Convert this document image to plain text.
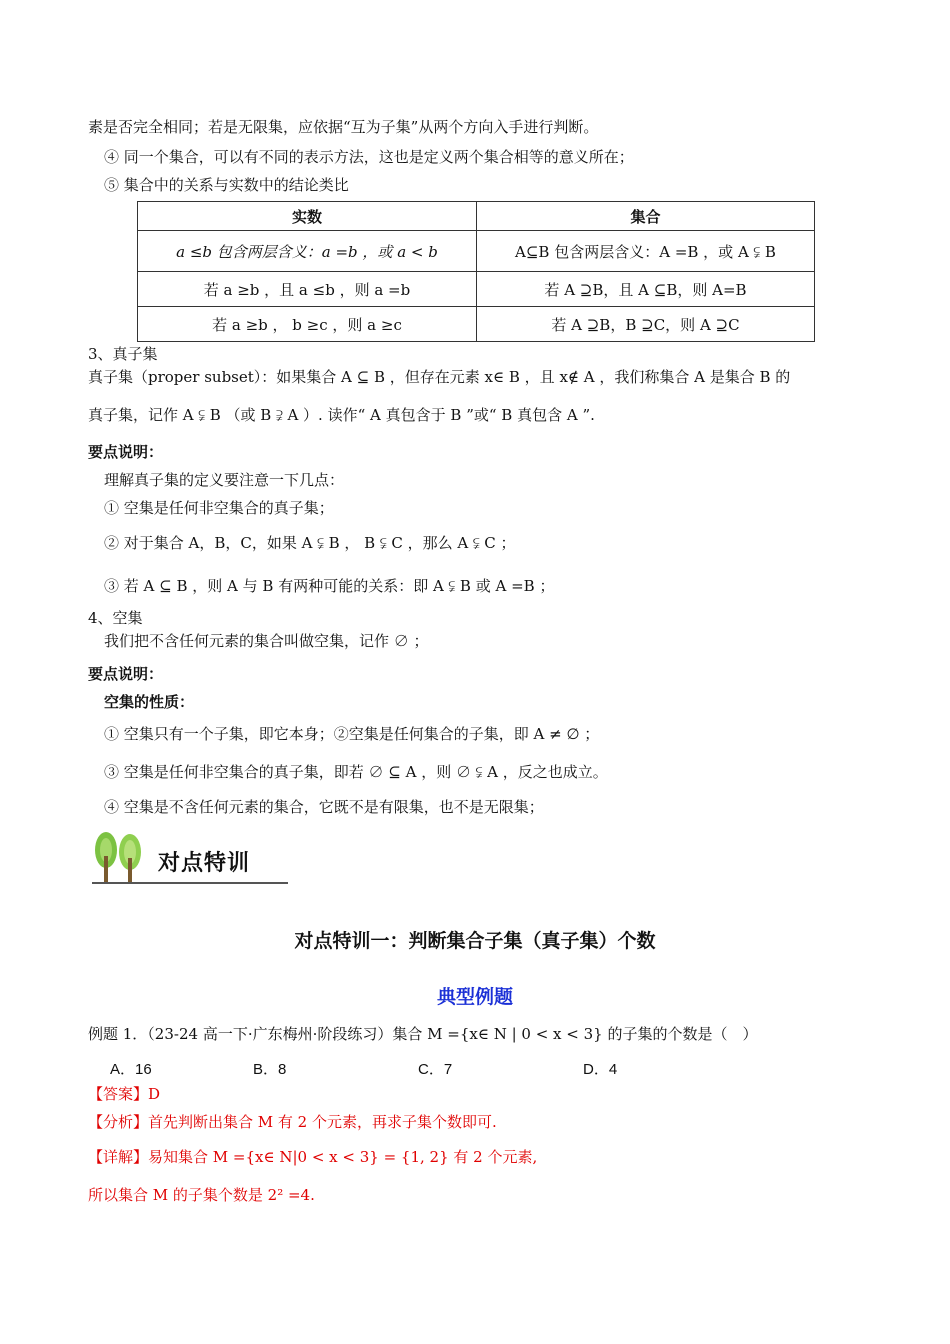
素是否完全相同；若是无限集，应依据“互为子集”从两个方向入手进行判断。
④ 同一个集合，可以有不同的表示方法，这也是定义两个集合相等的意义所在；
⑤ 集合中的关系与实数中的结论类比
实数	集合
a ≤b 包含两层含义：a =b ，或 a < b	A⊆B 包含两层含义：A =B ，或 A ⫋ B
若 a ≥b ，且 a ≤b ，则 a =b	若 A ⊇B，且 A ⊆B，则 A=B
若 a ≥b ， b ≥c ，则 a ≥c	若 A ⊇B，B ⊇C，则 A ⊇C
3、真子集
真子集（proper subset）：如果集合 A ⊆ B ，但存在元素 x∈ B ，且 x∉ A ，我们称集合 A 是集合 B 的
真子集，记作 A ⫋ B （或 B ⫌ A ）. 读作“ A 真包含于 B ”或“ B 真包含 A ”.
要点说明：
理解真子集的定义要注意一下几点：
① 空集是任何非空集合的真子集；
② 对于集合 A，B，C，如果 A ⫋ B ， B ⫋ C ，那么 A ⫋ C ；
③ 若 A ⊆ B ，则 A 与 B 有两种可能的关系：即 A ⫋ B 或 A =B ；
4、空集
我们把不含任何元素的集合叫做空集，记作 ∅ ；
要点说明：
空集的性质：
① 空集只有一个子集，即它本身；②空集是任何集合的子集，即 A ≠ ∅ ；
③ 空集是任何非空集合的真子集，即若 ∅ ⊆ A ，则 ∅ ⫋ A ，反之也成立。
④ 空集是不含任何元素的集合，它既不是有限集，也不是无限集；
对点特训
对点特训一：判断集合子集（真子集）个数
典型例题
例题 1．（23-24 高一下·广东梅州·阶段练习）集合 M ={x∈ N | 0 < x < 3} 的子集的个数是（　）
A．16	B．8	C．7	D．4
【答案】D
【分析】首先判断出集合 M 有 2 个元素，再求子集个数即可.
【详解】易知集合 M ={x∈ N|0 < x < 3} = {1, 2} 有 2 个元素,
所以集合 M 的子集个数是 2² =4.
